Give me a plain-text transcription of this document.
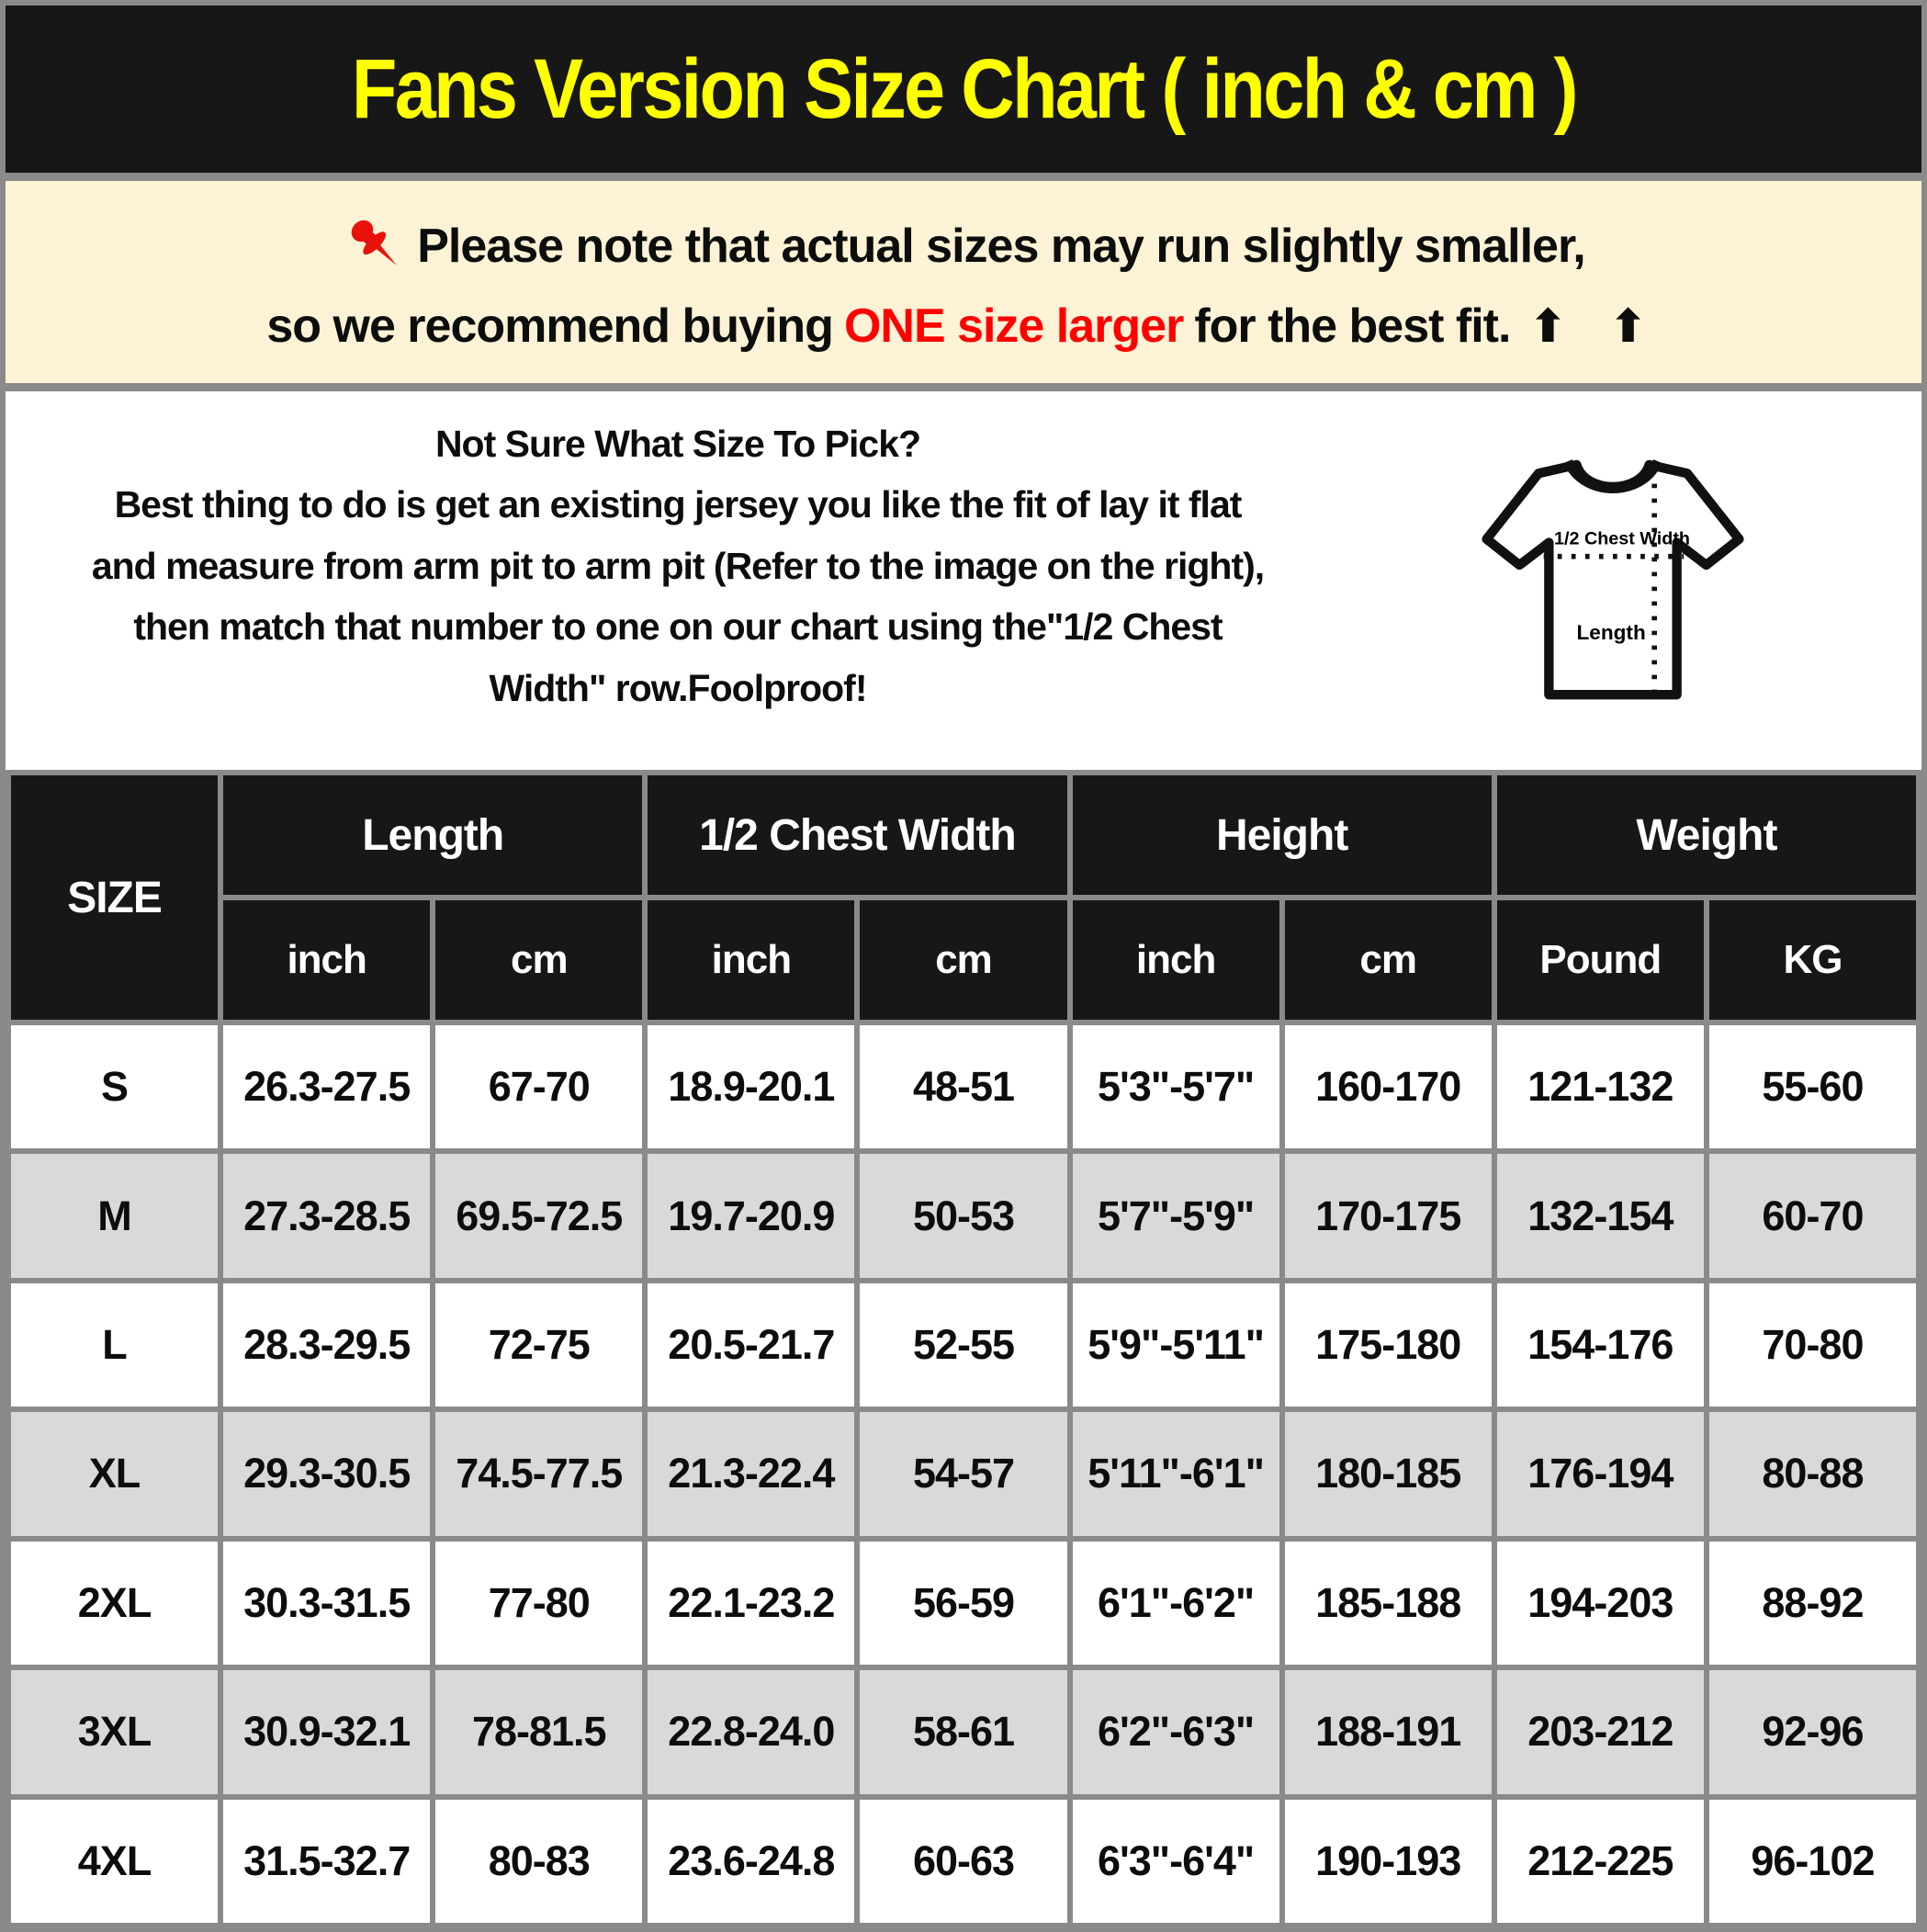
Fans Version Size Chart ( inch & cm )
Please note that actual sizes may run slightly smaller,
so we recommend buying ONE size larger for the best fit. ⬆ ⬆
Not Sure What Size To Pick?
Best thing to do is get an existing jersey you like the fit of lay it flat
and measure from arm pit to arm pit (Refer to the image on the right),
then match that number to one on our chart using the"1/2 Chest
Width" row.Foolproof!
1/2 Chest Width
Length
SIZE	Length		1/2 Chest Width		Height		Weight	
	inch	cm	inch	cm	inch	cm	Pound	KG
S	26.3-27.5	67-70	18.9-20.1	48-51	5'3"-5'7"	160-170	121-132	55-60
M	27.3-28.5	69.5-72.5	19.7-20.9	50-53	5'7"-5'9"	170-175	132-154	60-70
L	28.3-29.5	72-75	20.5-21.7	52-55	5'9"-5'11"	175-180	154-176	70-80
XL	29.3-30.5	74.5-77.5	21.3-22.4	54-57	5'11"-6'1"	180-185	176-194	80-88
2XL	30.3-31.5	77-80	22.1-23.2	56-59	6'1"-6'2"	185-188	194-203	88-92
3XL	30.9-32.1	78-81.5	22.8-24.0	58-61	6'2"-6'3"	188-191	203-212	92-96
4XL	31.5-32.7	80-83	23.6-24.8	60-63	6'3"-6'4"	190-193	212-225	96-102
